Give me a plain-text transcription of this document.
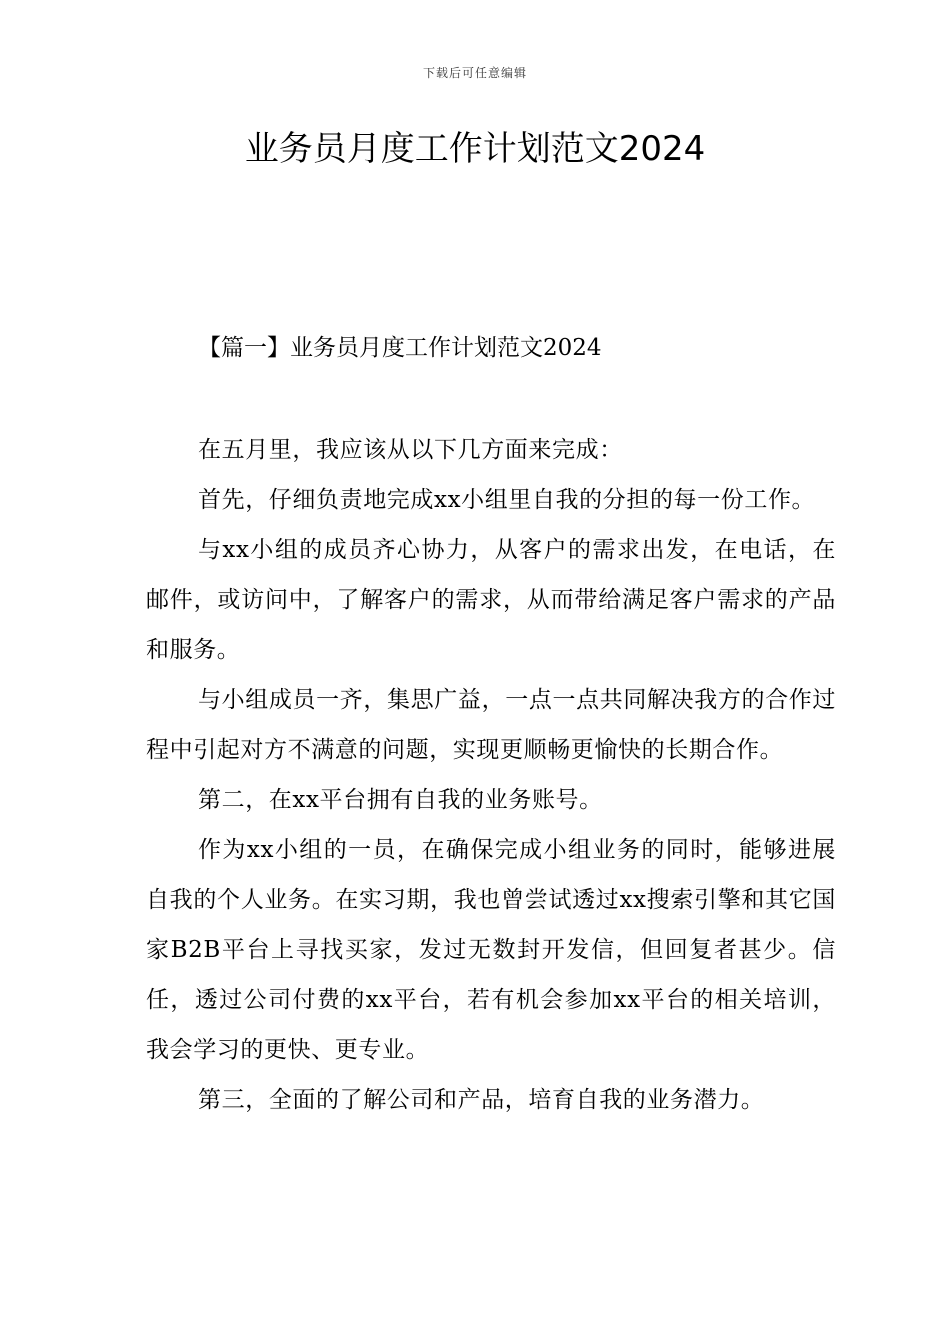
下载后可任意编辑
业务员月度工作计划范文2024
【篇一】业务员月度工作计划范文2024

在五月里，我应该从以下几方面来完成：

首先，仔细负责地完成xx小组里自我的分担的每一份工作。

与xx小组的成员齐心协力，从客户的需求出发，在电话，在邮件，或访问中，了解客户的需求，从而带给满足客户需求的产品和服务。

与小组成员一齐，集思广益，一点一点共同解决我方的合作过程中引起对方不满意的问题，实现更顺畅更愉快的长期合作。

第二，在xx平台拥有自我的业务账号。

作为xx小组的一员，在确保完成小组业务的同时，能够进展自我的个人业务。在实习期，我也曾尝试透过xx搜索引擎和其它国家B2B平台上寻找买家，发过无数封开发信，但回复者甚少。信任，透过公司付费的xx平台，若有机会参加xx平台的相关培训，我会学习的更快、更专业。

第三，全面的了解公司和产品，培育自我的业务潜力。
